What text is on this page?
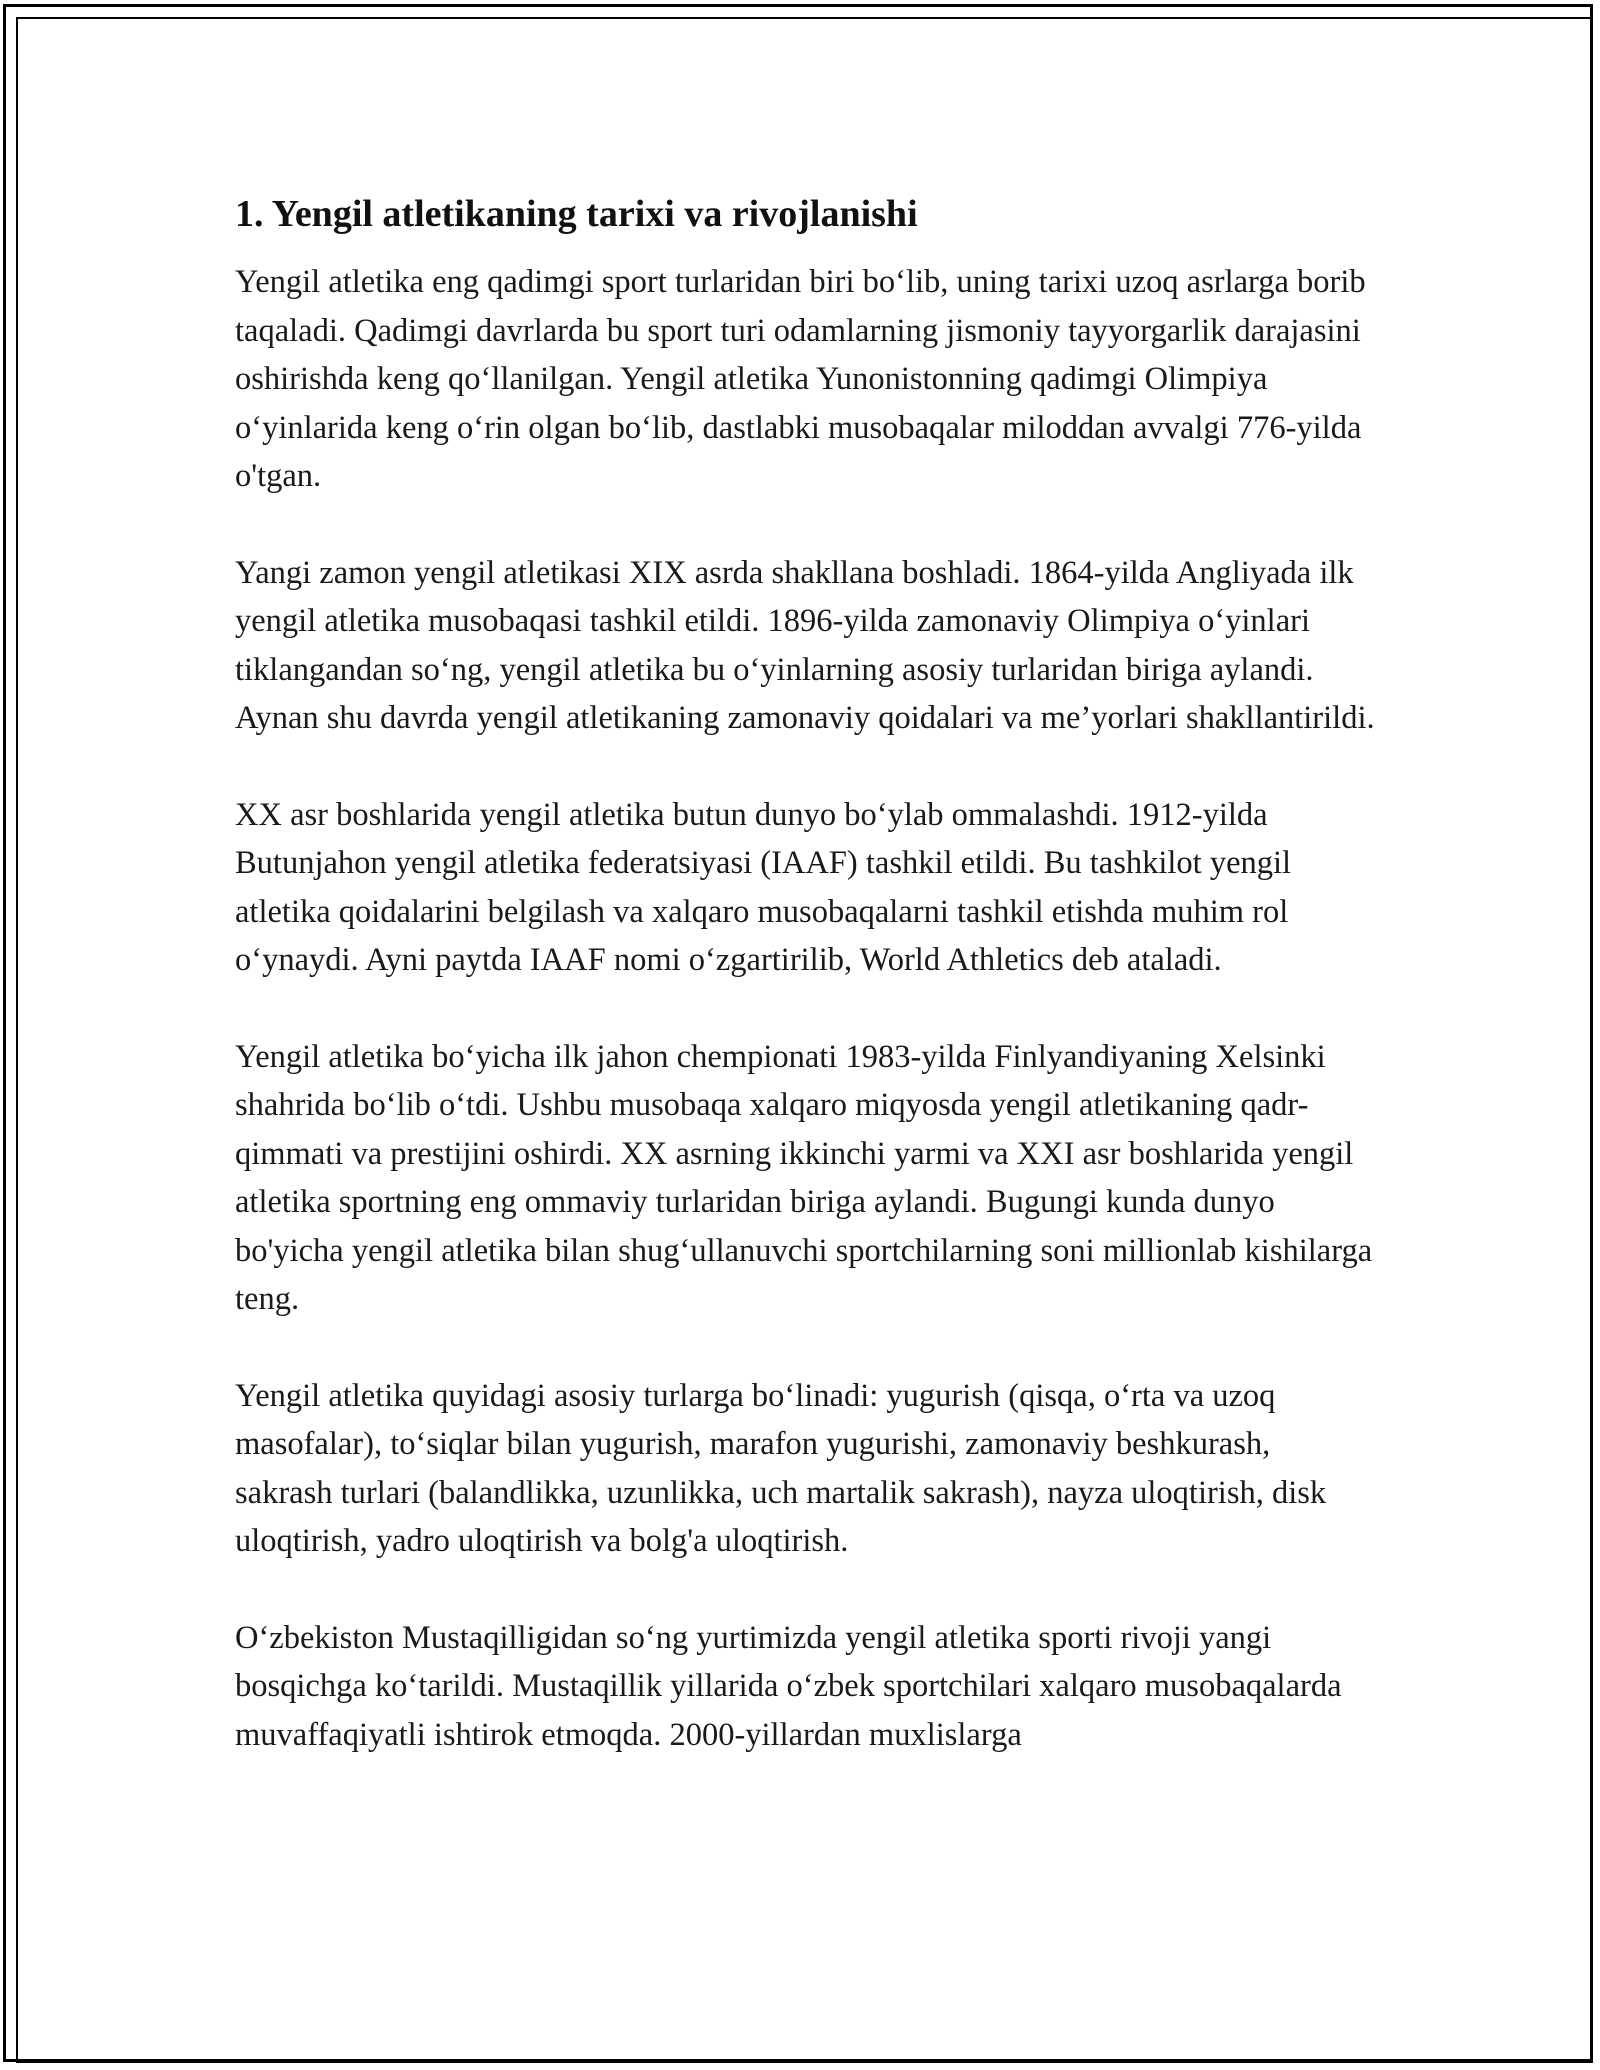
1. Yengil atletikaning tarixi va rivojlanishi

Yengil atletika eng qadimgi sport turlaridan biri bo‘lib, uning tarixi uzoq asrlarga borib taqaladi. Qadimgi davrlarda bu sport turi odamlarning jismoniy tayyorgarlik darajasini oshirishda keng qo‘llanilgan. Yengil atletika Yunonistonning qadimgi Olimpiya o‘yinlarida keng o‘rin olgan bo‘lib, dastlabki musobaqalar miloddan avvalgi 776-yilda o'tgan.

Yangi zamon yengil atletikasi XIX asrda shakllana boshladi. 1864-yilda Angliyada ilk yengil atletika musobaqasi tashkil etildi. 1896-yilda zamonaviy Olimpiya o‘yinlari tiklangandan so‘ng, yengil atletika bu o‘yinlarning asosiy turlaridan biriga aylandi. Aynan shu davrda yengil atletikaning zamonaviy qoidalari va me’yorlari shakllantirildi.

XX asr boshlarida yengil atletika butun dunyo bo‘ylab ommalashdi. 1912-yilda Butunjahon yengil atletika federatsiyasi (IAAF) tashkil etildi. Bu tashkilot yengil atletika qoidalarini belgilash va xalqaro musobaqalarni tashkil etishda muhim rol o‘ynaydi. Ayni paytda IAAF nomi o‘zgartirilib, World Athletics deb ataladi.

Yengil atletika bo‘yicha ilk jahon chempionati 1983-yilda Finlyandiyaning Xelsinki shahrida bo‘lib o‘tdi. Ushbu musobaqa xalqaro miqyosda yengil atletikaning qadr-qimmati va prestijini oshirdi. XX asrning ikkinchi yarmi va XXI asr boshlarida yengil atletika sportning eng ommaviy turlaridan biriga aylandi. Bugungi kunda dunyo bo'yicha yengil atletika bilan shug‘ullanuvchi sportchilarning soni millionlab kishilarga teng.

Yengil atletika quyidagi asosiy turlarga bo‘linadi: yugurish (qisqa, o‘rta va uzoq masofalar), to‘siqlar bilan yugurish, marafon yugurishi, zamonaviy beshkurash, sakrash turlari (balandlikka, uzunlikka, uch martalik sakrash), nayza uloqtirish, disk uloqtirish, yadro uloqtirish va bolg'a uloqtirish.

O‘zbekiston Mustaqilligidan so‘ng yurtimizda yengil atletika sporti rivoji yangi bosqichga ko‘tarildi. Mustaqillik yillarida o‘zbek sportchilari xalqaro musobaqalarda muvaffaqiyatli ishtirok etmoqda. 2000-yillardan muxlislarga
